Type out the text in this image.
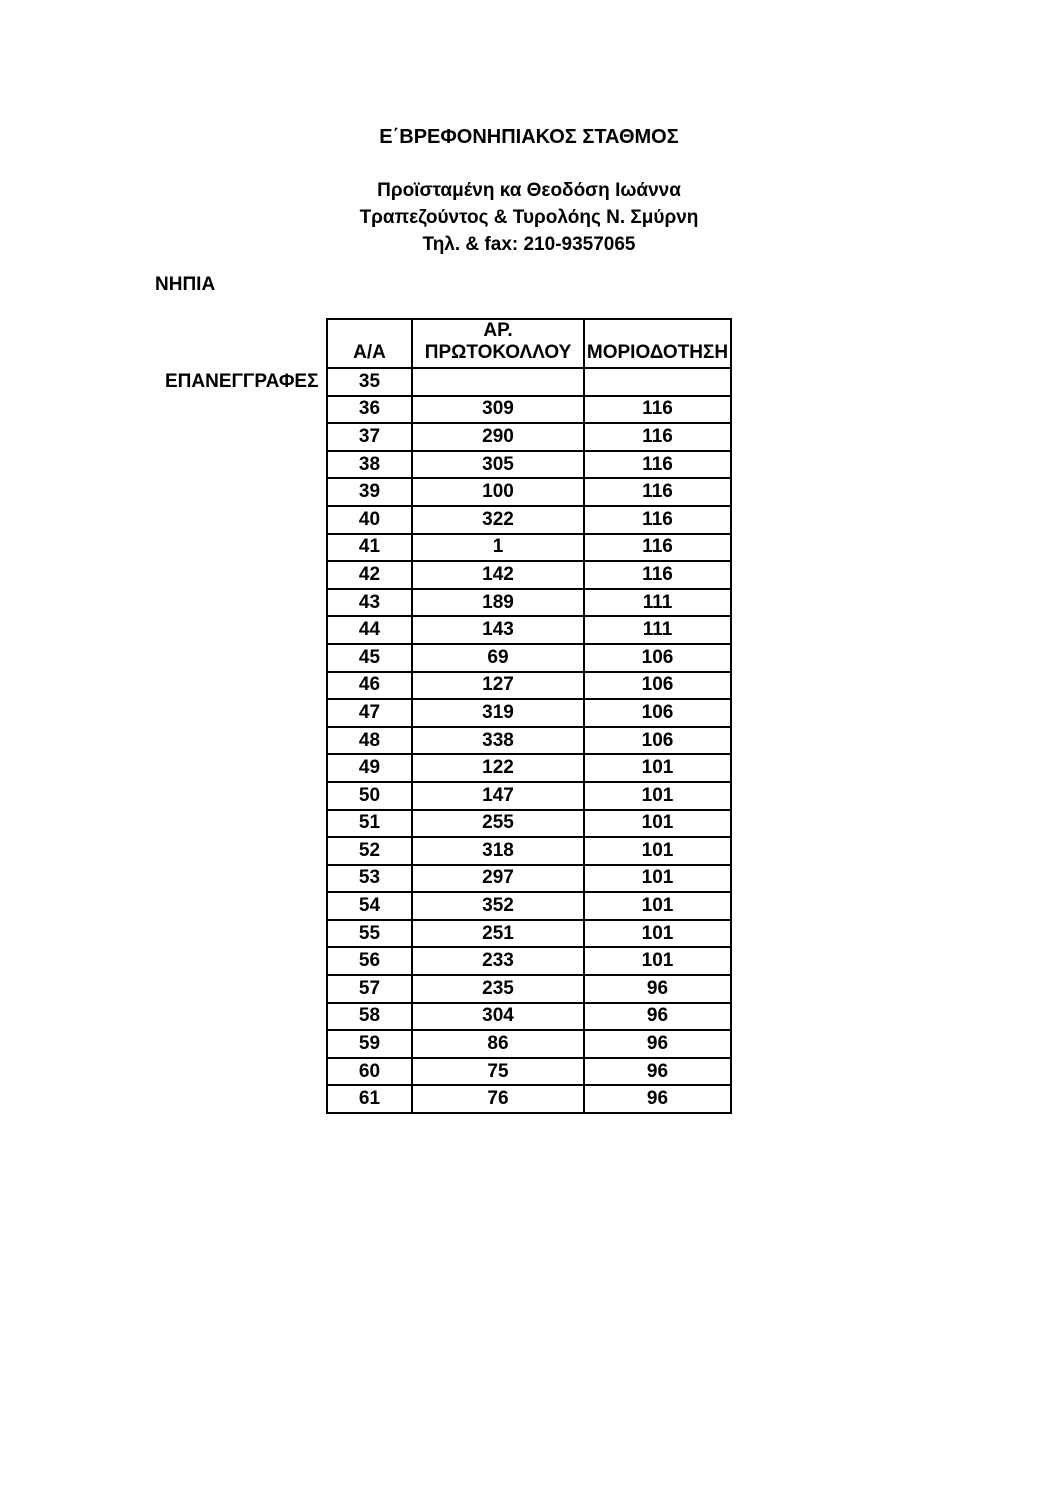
Ε΄ΒΡΕΦΟΝΗΠΙΑΚΟΣ ΣΤΑΘΜΟΣ
Προϊσταμένη κα Θεοδόση Ιωάννα
Τραπεζούντος & Τυρολόης Ν. Σμύρνη
Τηλ. & fax: 210-9357065
ΝΗΠΙΑ
ΕΠΑΝΕΓΓΡΑΦΕΣ
Α/Α	ΑΡ. ΠΡΩΤΟΚΟΛΛΟΥ	ΜΟΡΙΟΔΟΤΗΣΗ
35		
36	309	116
37	290	116
38	305	116
39	100	116
40	322	116
41	1	116
42	142	116
43	189	111
44	143	111
45	69	106
46	127	106
47	319	106
48	338	106
49	122	101
50	147	101
51	255	101
52	318	101
53	297	101
54	352	101
55	251	101
56	233	101
57	235	96
58	304	96
59	86	96
60	75	96
61	76	96
